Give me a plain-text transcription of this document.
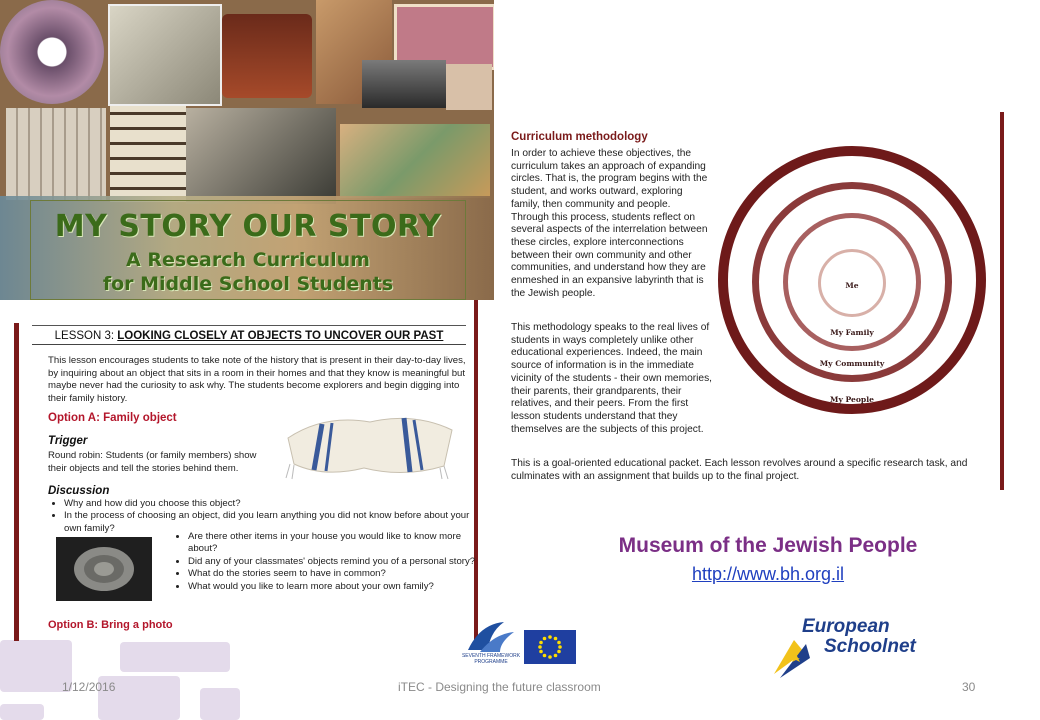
MY STORY OUR STORY
A Research Curriculum
for Middle School Students
LESSON 3: LOOKING CLOSELY AT OBJECTS TO UNCOVER OUR PAST
This lesson encourages students to take note of the history that is present in their day-to-day lives, by inquiring about an object that sits in a room in their homes and that they know is meaningful but maybe never had the curiosity to ask why. The students become explorers and begin digging into their family history.
Option A: Family object
Trigger
Round robin: Students (or family members) show their objects and tell the stories behind them.
Discussion
• Why and how did you choose this object?
• In the process of choosing an object, did you learn anything you did not know before about your own family?
• Are there other items in your house you would like to know more about?
• Did any of your classmates' objects remind you of a personal story?
• What do the stories seem to have in common?
• What would you like to learn more about your own family?
Option B: Bring a photo
Curriculum methodology
In order to achieve these objectives, the curriculum takes an approach of expanding circles. That is, the program begins with the student, and works outward, exploring family, then community and people. Through this process, students reflect on several aspects of the interrelation between these circles, explore interconnections between their own community and other communities, and understand how they are enmeshed in an expansive labyrinth that is the Jewish people.
This methodology speaks to the real lives of students in ways completely unlike other educational experiences. Indeed, the main source of information is in the immediate vicinity of the students - their own memories, their parents, their grandparents, their relatives, and their peers. From the first lesson students understand that they themselves are the subjects of this project.
This is a goal-oriented educational packet. Each lesson revolves around a specific research task, and culminates with an assignment that builds up to the final project.
Me
My Family
My Community
My People
Museum of the Jewish People
http://www.bh.org.il
SEVENTH FRAMEWORK PROGRAMME
European
Schoolnet
1/12/2016	iTEC - Designing the future classroom	30
